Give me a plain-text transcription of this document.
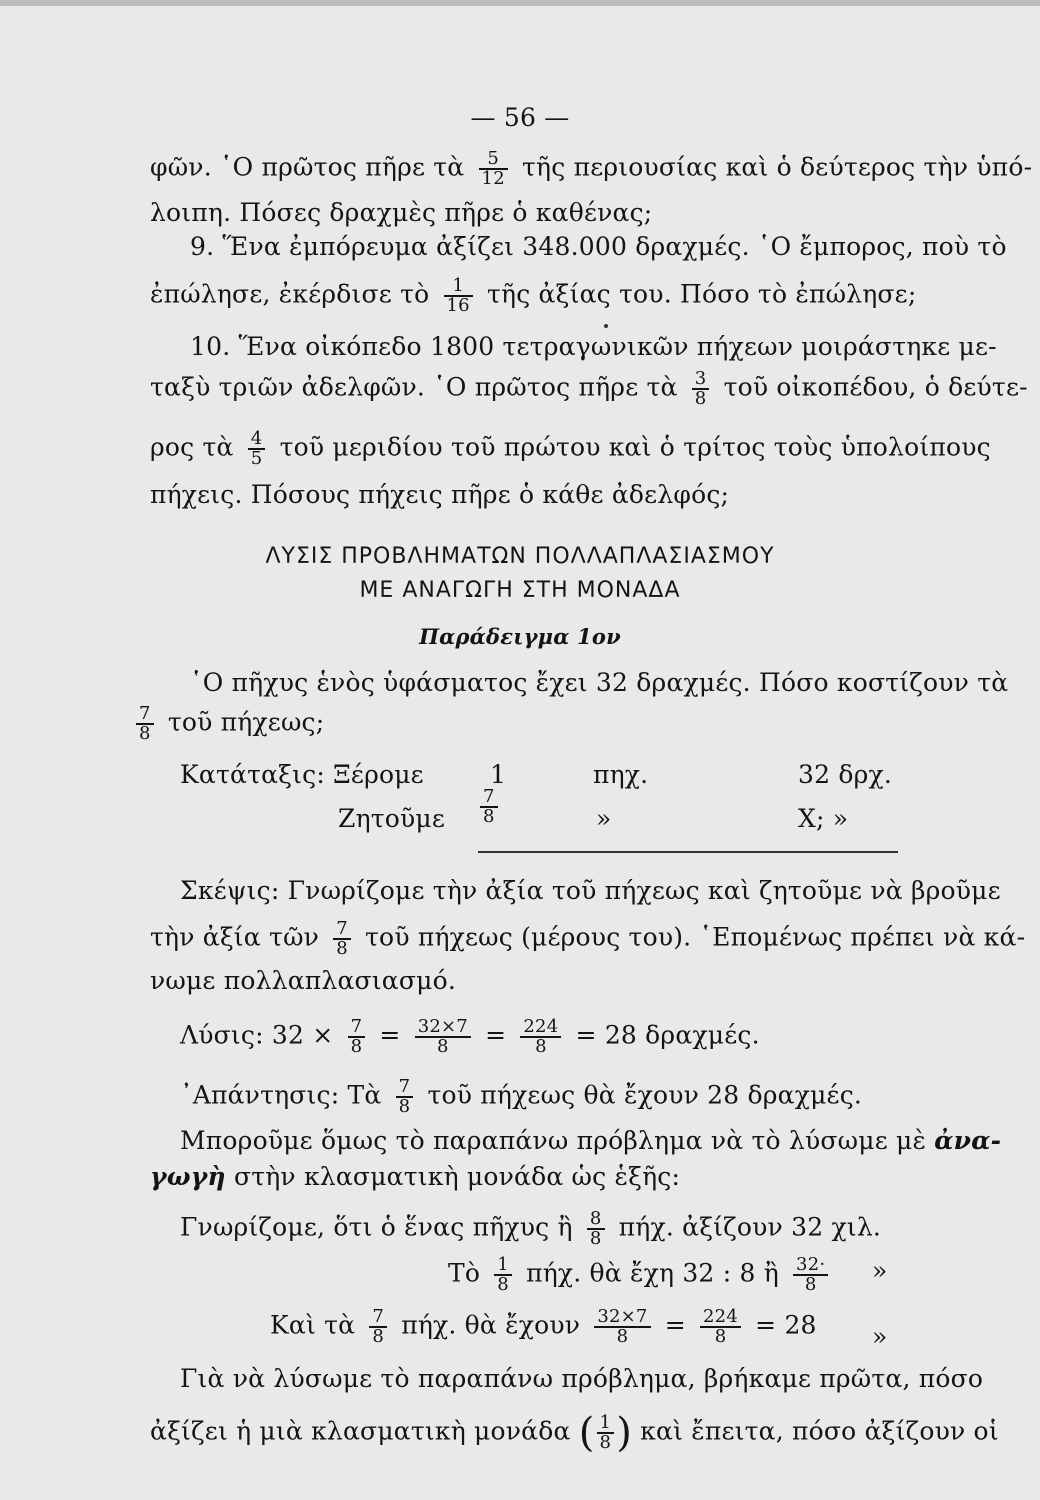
— 56 —
φῶν. ῾Ο πρῶτος πῆρε τὰ $\frac{5}{12}$ τῆς περιουσίας καὶ ὁ δεύτερος τὴν ὑπό-
λοιπη. Πόσες δραχμὲς πῆρε ὁ καθένας;
9. Ἕνα ἐμπόρευμα ἀξίζει 348.000 δραχμές. ῾Ο ἔμπορος, ποὺ τὸ
ἐπώλησε, ἐκέρδισε τὸ $\frac{1}{16}$ τῆς ἀξίας του. Πόσο τὸ ἐπώλησε;
10. Ἕνα οἰκόπεδο 1800 τετραγωνικῶν πήχεων μοιράστηκε με-
ταξὺ τριῶν ἀδελφῶν. ῾Ο πρῶτος πῆρε τὰ $\frac{3}{8}$ τοῦ οἰκοπέδου, ὁ δεύτε-
ρος τὰ $\frac{4}{5}$ τοῦ μεριδίου τοῦ πρώτου καὶ ὁ τρίτος τοὺς ὑπολοίπους
πήχεις. Πόσους πήχεις πῆρε ὁ κάθε ἀδελφός;
ΛΥΣΙΣ ΠΡΟΒΛΗΜΑΤΩΝ ΠΟΛΛΑΠΛΑΣΙΑΣΜΟΥ
ΜΕ ΑΝΑΓΩΓΗ ΣΤΗ ΜΟΝΑΔΑ
Παράδειγμα 1ον
῾Ο πῆχυς ἑνὸς ὑφάσματος ἔχει 32 δραχμές. Πόσο κοστίζουν τὰ
$\frac{7}{8}$ τοῦ πήχεως;
Κατάταξις: Ξέρομε	1	πηχ.	32 δρχ.
Ζητοῦμε	$\frac{7}{8}$	»	Χ; »
Σκέψις: Γνωρίζομε τὴν ἀξία τοῦ πήχεως καὶ ζητοῦμε νὰ βροῦμε
τὴν ἀξία τῶν $\frac{7}{8}$ τοῦ πήχεως (μέρους του). ῾Επομένως πρέπει νὰ κά-
νωμε πολλαπλασιασμό.
Λύσις: $32 \times \frac{7}{8} = \frac{32\times 7}{8} = \frac{224}{8} = 28$ δραχμές.
᾿Απάντησις: Τὰ $\frac{7}{8}$ τοῦ πήχεως θὰ ἔχουν 28 δραχμές.
Μποροῦμε ὅμως τὸ παραπάνω πρόβλημα νὰ τὸ λύσωμε μὲ ἀνα-
γωγὴ στὴν κλασματικὴ μονάδα ὡς ἑξῆς:
Γνωρίζομε, ὅτι ὁ ἕνας πῆχυς ἢ $\frac{8}{8} \pi ή\chi$. ἀξίζουν 32 χιλ.
Τὸ $\frac{1}{8} \pi ή\chi$. θὰ ἔχη 32 : 8 ἢ $\frac{32\cdot}{8}$ »
Καὶ τὰ $\frac{7}{8} \pi ή\chi$. θὰ ἔχουν $\frac{32\times 7}{8} = \frac{224}{8} = 28$	»
Γιὰ νὰ λύσωμε τὸ παραπάνω πρόβλημα, βρήκαμε πρῶτα, πόσο
ἀξίζει ἡ μιὰ κλασματικὴ μονάδα ( $\frac{1}{8}$ ) καὶ ἔπειτα, πόσο ἀξίζουν οἱ
